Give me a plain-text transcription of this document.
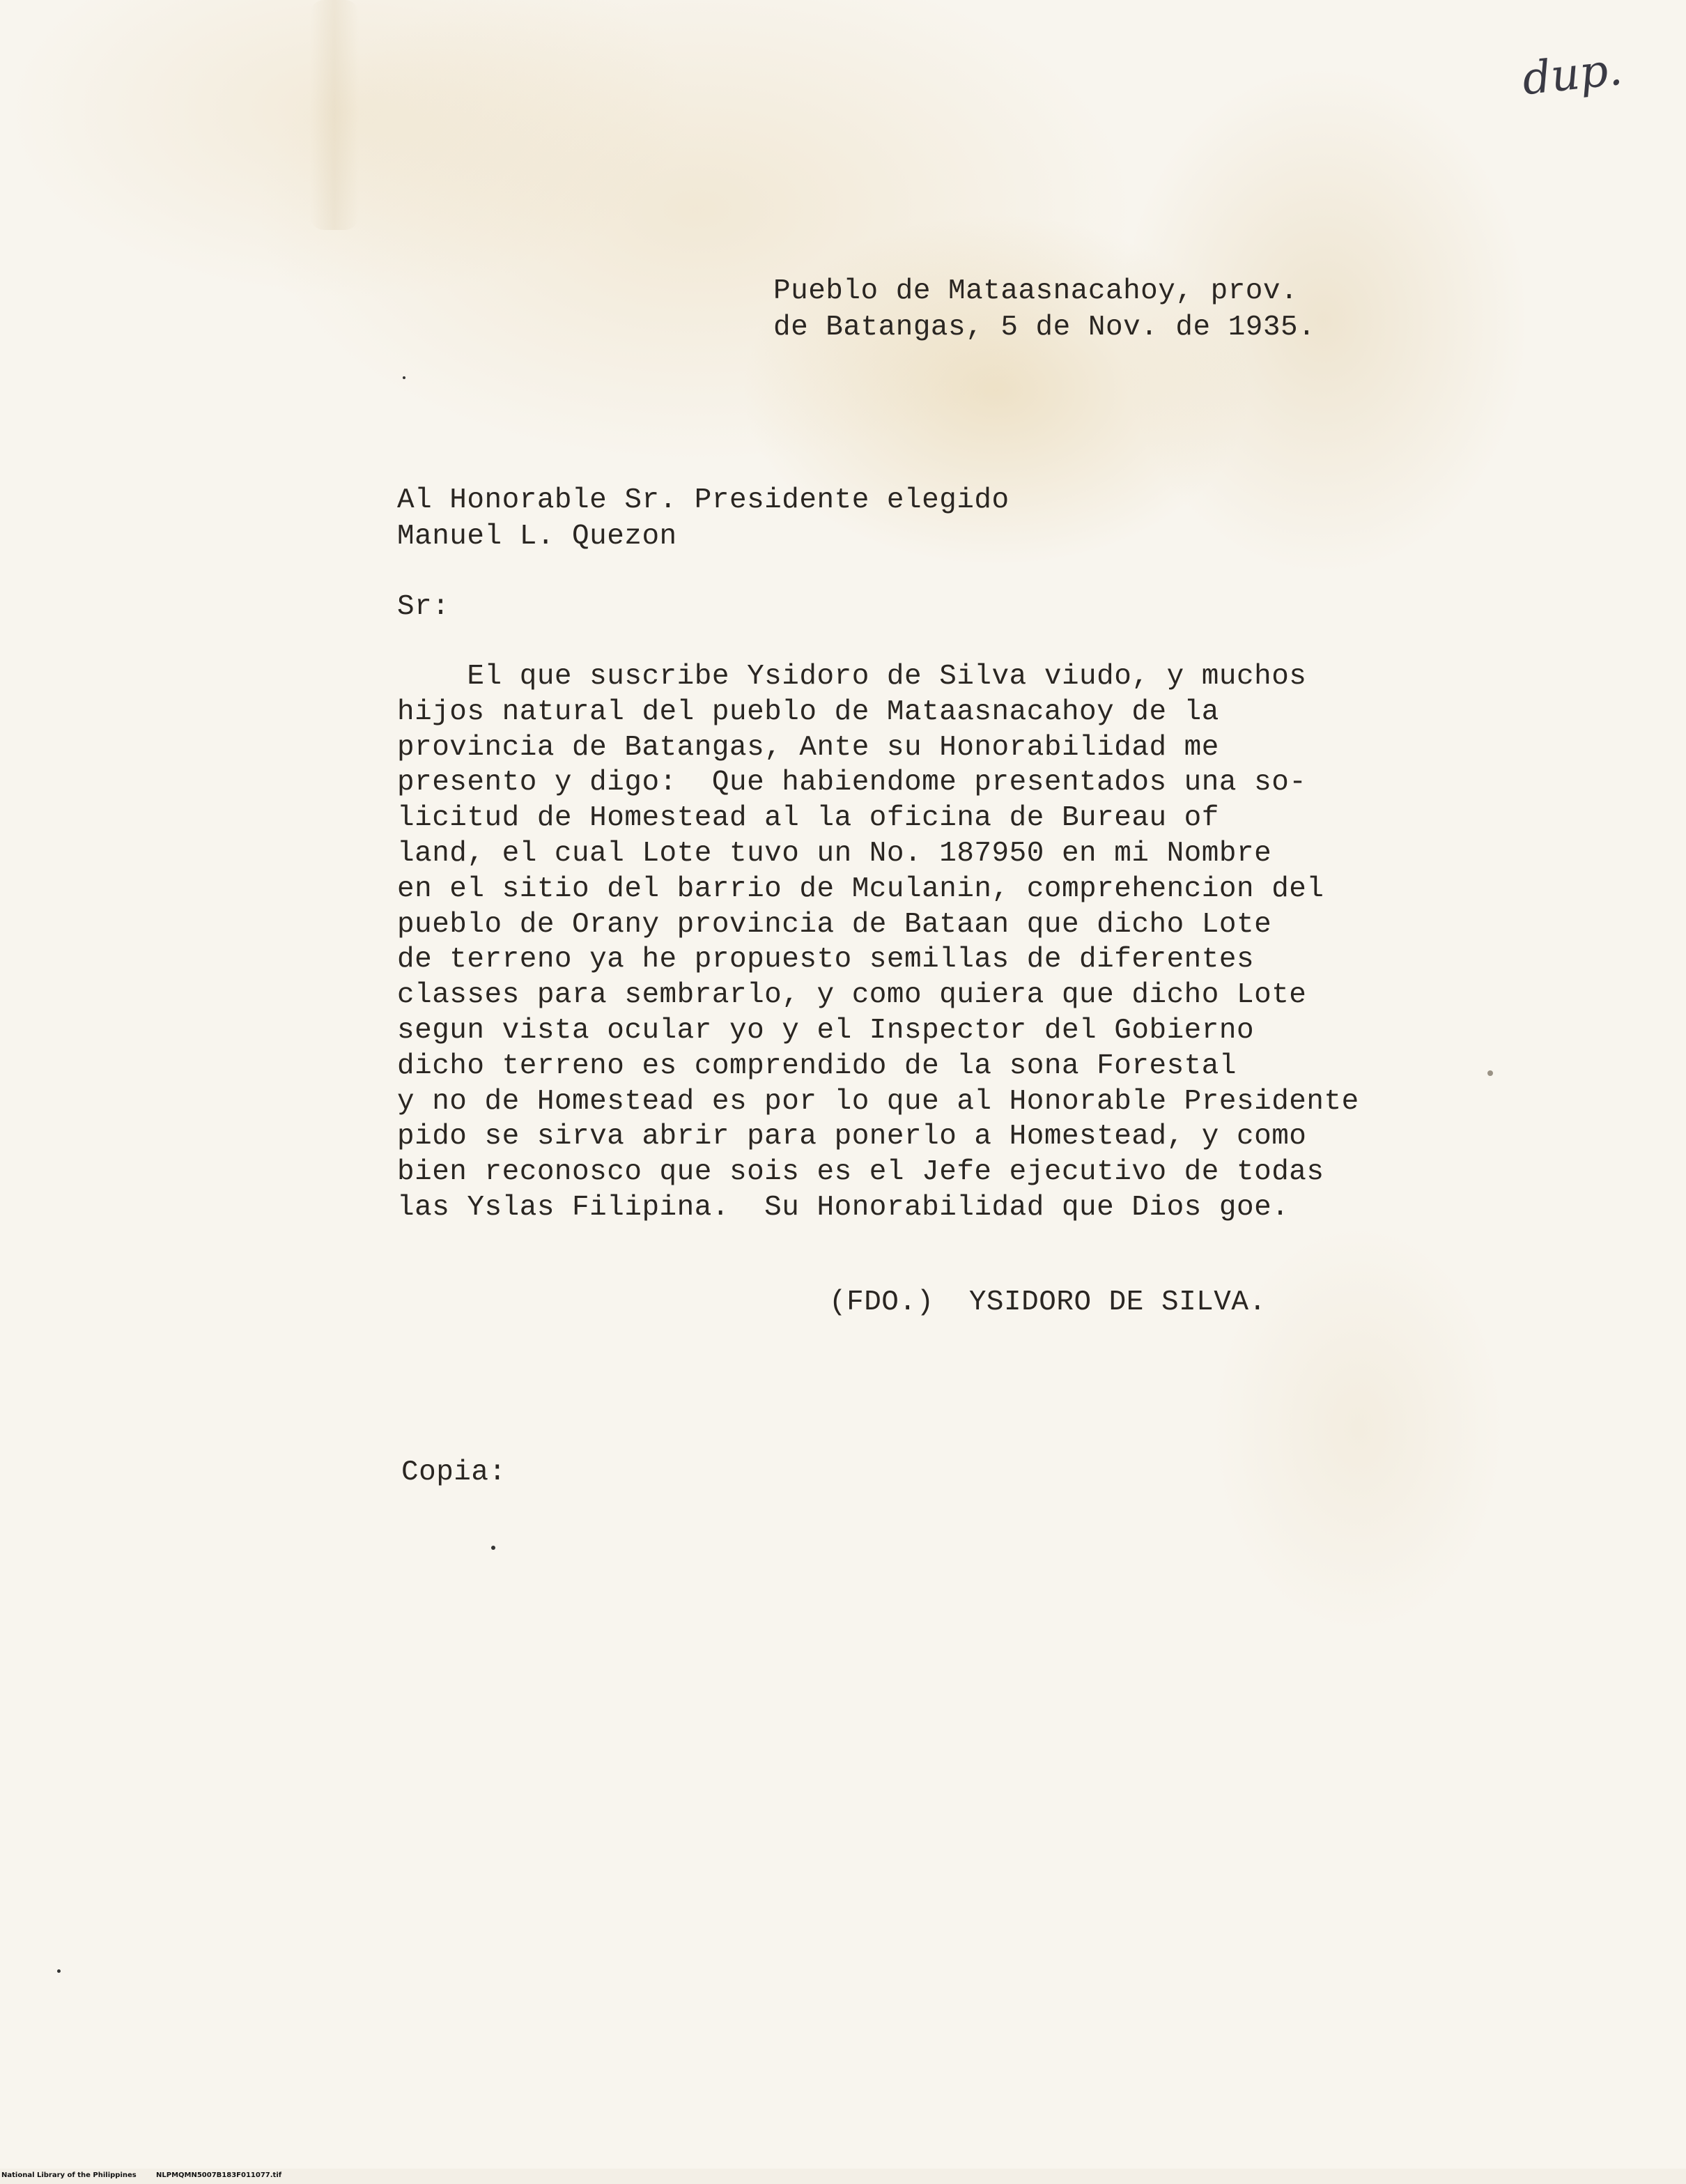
dup.
Pueblo de Mataasnacahoy, prov.
de Batangas, 5 de Nov. de 1935.
Al Honorable Sr. Presidente elegido
Manuel L. Quezon
Sr:
El que suscribe Ysidoro de Silva viudo, y muchos
hijos natural del pueblo de Mataasnacahoy de la
provincia de Batangas, Ante su Honorabilidad me
presento y digo:  Que habiendome presentados una so-
licitud de Homestead al la oficina de Bureau of
land, el cual Lote tuvo un No. 187950 en mi Nombre
en el sitio del barrio de Mculanin, comprehencion del
pueblo de Orany provincia de Bataan que dicho Lote
de terreno ya he propuesto semillas de diferentes
classes para sembrarlo, y como quiera que dicho Lote
segun vista ocular yo y el Inspector del Gobierno
dicho terreno es comprendido de la sona Forestal
y no de Homestead es por lo que al Honorable Presidente
pido se sirva abrir para ponerlo a Homestead, y como
bien reconosco que sois es el Jefe ejecutivo de todas
las Yslas Filipina.  Su Honorabilidad que Dios goe.
(FDO.)  YSIDORO DE SILVA.
Copia:
National Library of the Philippines	NLPMQMN5007B183F011077.tif
